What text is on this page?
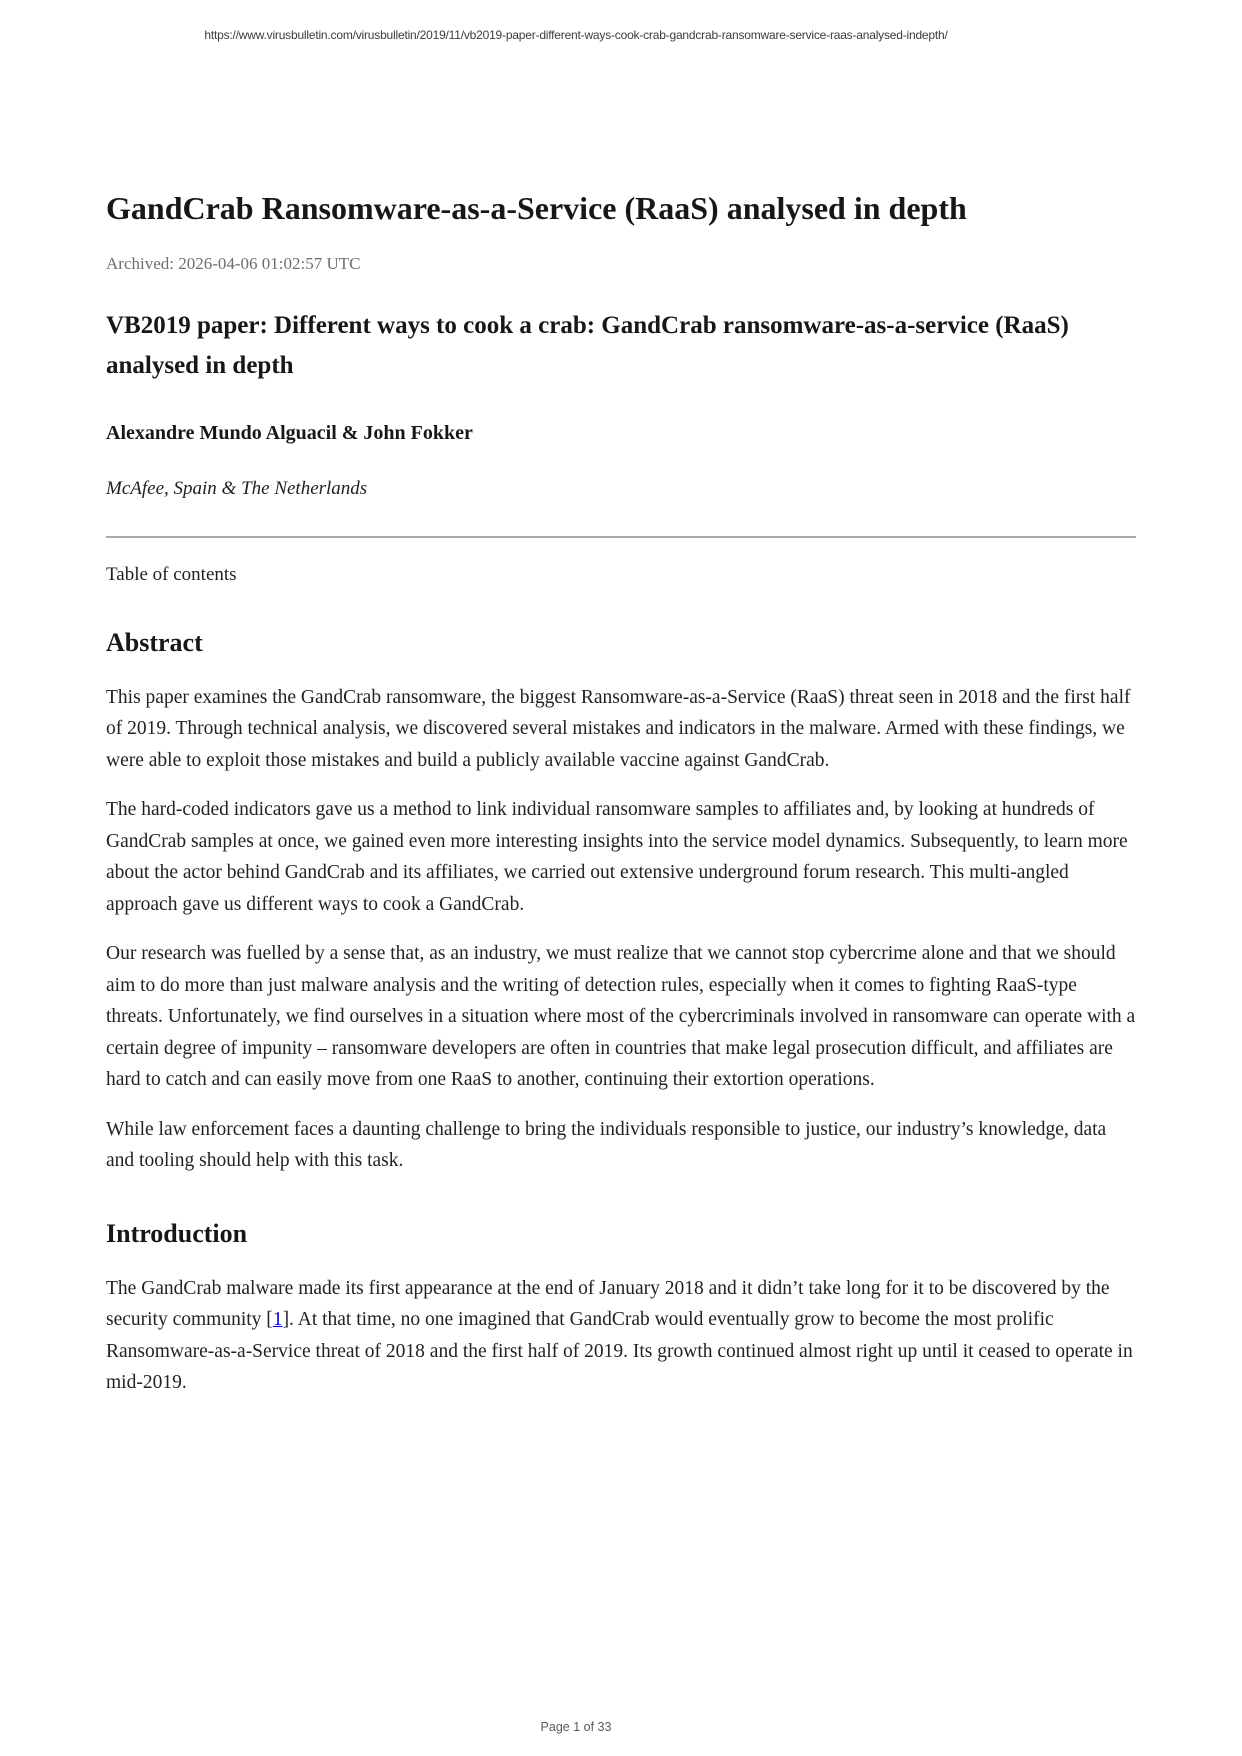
https://www.virusbulletin.com/virusbulletin/2019/11/vb2019-paper-different-ways-cook-crab-gandcrab-ransomware-service-raas-analysed-indepth/
GandCrab Ransomware-as-a-Service (RaaS) analysed in depth

Archived: 2026-04-06 01:02:57 UTC

VB2019 paper: Different ways to cook a crab: GandCrab ransomware-as-a-service (RaaS) analysed in depth

Alexandre Mundo Alguacil & John Fokker

McAfee, Spain & The Netherlands

Table of contents

Abstract

This paper examines the GandCrab ransomware, the biggest Ransomware-as-a-Service (RaaS) threat seen in 2018 and the first half of 2019. Through technical analysis, we discovered several mistakes and indicators in the malware. Armed with these findings, we were able to exploit those mistakes and build a publicly available vaccine against GandCrab.

The hard-coded indicators gave us a method to link individual ransomware samples to affiliates and, by looking at hundreds of GandCrab samples at once, we gained even more interesting insights into the service model dynamics. Subsequently, to learn more about the actor behind GandCrab and its affiliates, we carried out extensive underground forum research. This multi-angled approach gave us different ways to cook a GandCrab.

Our research was fuelled by a sense that, as an industry, we must realize that we cannot stop cybercrime alone and that we should aim to do more than just malware analysis and the writing of detection rules, especially when it comes to fighting RaaS-type threats. Unfortunately, we find ourselves in a situation where most of the cybercriminals involved in ransomware can operate with a certain degree of impunity – ransomware developers are often in countries that make legal prosecution difficult, and affiliates are hard to catch and can easily move from one RaaS to another, continuing their extortion operations.

While law enforcement faces a daunting challenge to bring the individuals responsible to justice, our industry’s knowledge, data and tooling should help with this task.

Introduction

The GandCrab malware made its first appearance at the end of January 2018 and it didn’t take long for it to be discovered by the security community [1]. At that time, no one imagined that GandCrab would eventually grow to become the most prolific Ransomware-as-a-Service threat of 2018 and the first half of 2019. Its growth continued almost right up until it ceased to operate in mid-2019.

Page 1 of 33
